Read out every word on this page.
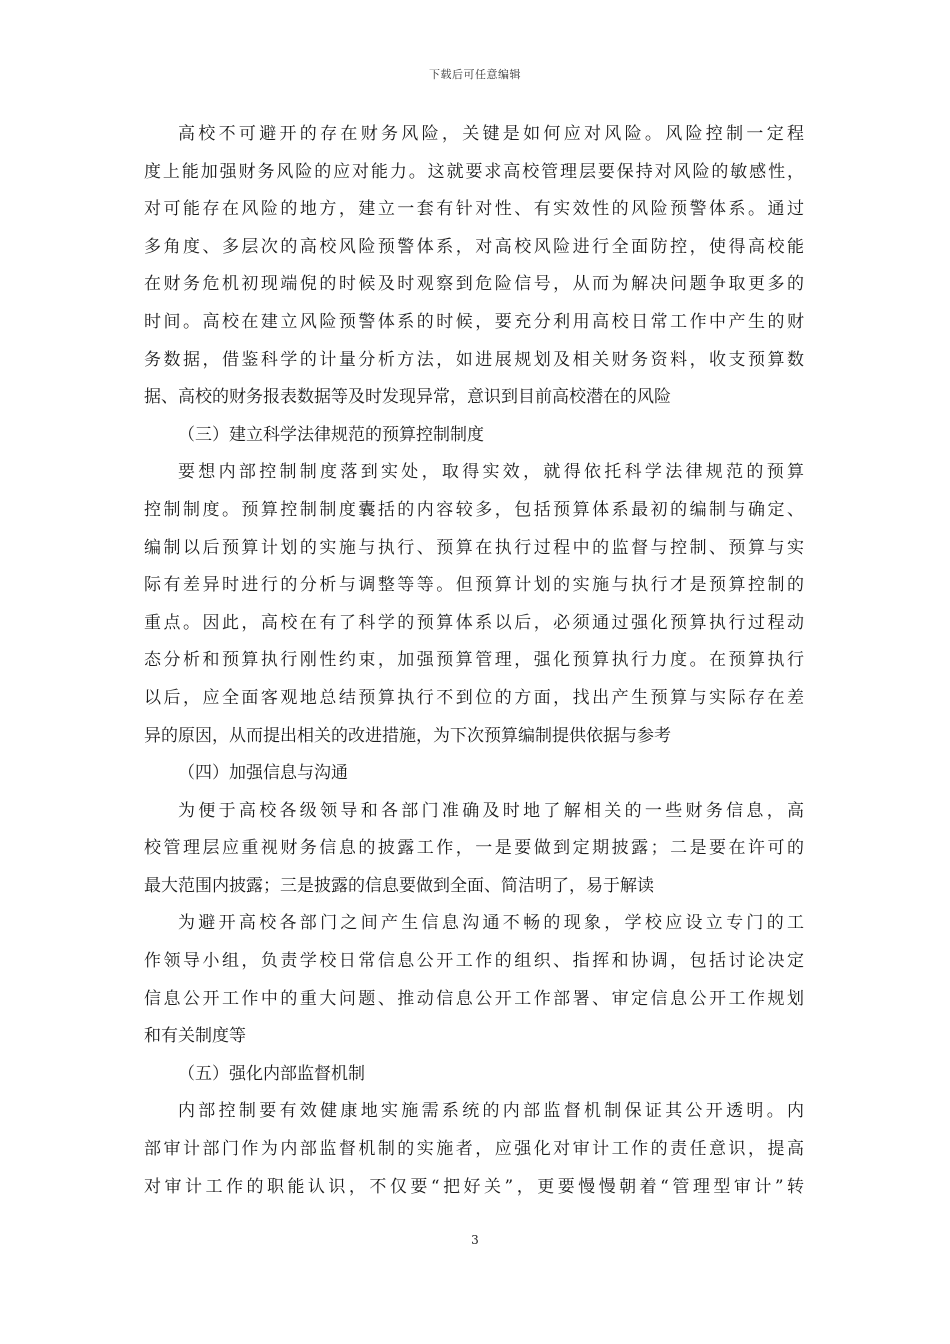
下载后可任意编辑
高校不可避开的存在财务风险，关键是如何应对风险。风险控制一定程
度上能加强财务风险的应对能力。这就要求高校管理层要保持对风险的敏感性，
对可能存在风险的地方，建立一套有针对性、有实效性的风险预警体系。通过
多角度、多层次的高校风险预警体系，对高校风险进行全面防控，使得高校能
在财务危机初现端倪的时候及时观察到危险信号，从而为解决问题争取更多的
时间。高校在建立风险预警体系的时候，要充分利用高校日常工作中产生的财
务数据，借鉴科学的计量分析方法，如进展规划及相关财务资料，收支预算数
据、高校的财务报表数据等及时发现异常，意识到目前高校潜在的风险
（三）建立科学法律规范的预算控制制度
要想内部控制制度落到实处，取得实效，就得依托科学法律规范的预算
控制制度。预算控制制度囊括的内容较多，包括预算体系最初的编制与确定、
编制以后预算计划的实施与执行、预算在执行过程中的监督与控制、预算与实
际有差异时进行的分析与调整等等。但预算计划的实施与执行才是预算控制的
重点。因此，高校在有了科学的预算体系以后，必须通过强化预算执行过程动
态分析和预算执行刚性约束，加强预算管理，强化预算执行力度。在预算执行
以后，应全面客观地总结预算执行不到位的方面，找出产生预算与实际存在差
异的原因，从而提出相关的改进措施，为下次预算编制提供依据与参考
（四）加强信息与沟通
为便于高校各级领导和各部门准确及时地了解相关的一些财务信息，高
校管理层应重视财务信息的披露工作，一是要做到定期披露；二是要在许可的
最大范围内披露；三是披露的信息要做到全面、简洁明了，易于解读
为避开高校各部门之间产生信息沟通不畅的现象，学校应设立专门的工
作领导小组，负责学校日常信息公开工作的组织、指挥和协调，包括讨论决定
信息公开工作中的重大问题、推动信息公开工作部署、审定信息公开工作规划
和有关制度等
（五）强化内部监督机制
内部控制要有效健康地实施需系统的内部监督机制保证其公开透明。内
部审计部门作为内部监督机制的实施者，应强化对审计工作的责任意识，提高
对审计工作的职能认识，不仅要“把好关”，更要慢慢朝着“管理型审计”转
3
